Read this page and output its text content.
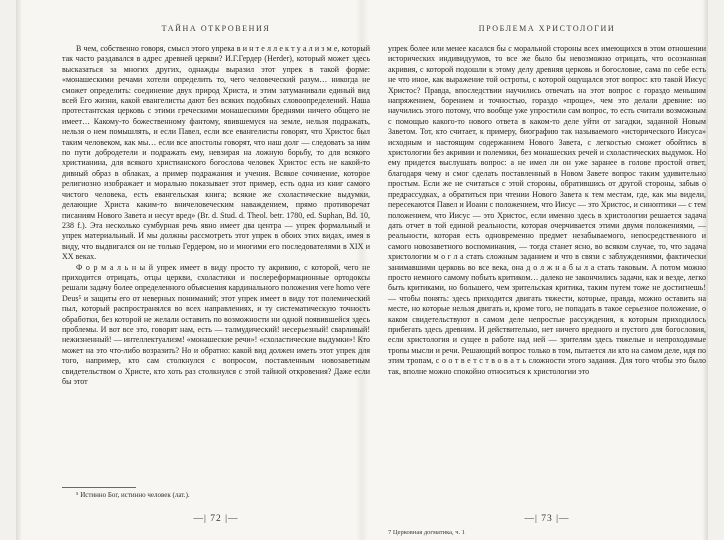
ТАЙНА ОТКРОВЕНИЯ

В чем, собственно говоря, смысл этого упрека в и н т е л л е к т у а л и з м е, который так часто раздавался в адрес древней церкви? И.Г.Гердер (Herder), который может здесь высказаться за многих других, однажды выразил этот упрек в такой форме: «монашескими речами хотели определить то, чего человеческий разум… никогда не сможет определить: соединение двух природ Христа, и этим затуманивали единый вид всей Его жизни, какой евангелисты дают без всяких подобных словоопределений. Наша протестантская церковь с этими греческими монашескими бреднями ничего общего не имеет… Какому-то божественному фантому, явившемуся на земле, нельзя подражать, нельзя о нем помышлять, и если Павел, если все евангелисты говорят, что Христос был таким человеком, как мы… если все апостолы говорят, что наш долг — следовать за ним по пути добродетели и подражать ему, невзирая на ложную борьбу, то для всякого христианина, для всякого христианского богослова человек Христос есть не какой-то дивный образ в облаках, а пример подражания и учения. Всякое сочинение, которое религиозно изображает и морально показывает этот пример, есть одна из книг самого чистого человека, есть евангельская книга; всякие же схоластические выдумки, делающие Христа каким-то вничеловеческим наваждением, прямо противоречат писаниям Нового Завета и несут вред» (Br. d. Stud. d. Theol. betr. 1780, ed. Suphan, Bd. 10, 238 f.). Эта несколько сумбурная речь явно имеет два центра — упрек формальный и упрек материальный. И мы должны рассмотреть этот упрек в обоих этих видах, имея в виду, что выдвигался он не только Гердером, но и многими его последователями в XIX и XX веках.

Ф о р м а л ь н ы й упрек имеет в виду просто ту акривию, с которой, чего не приходится отрицать, отцы церкви, схоластики и послереформационные ортодоксы решали задачу более определенного объяснения кардинального положения vere homo vere Deus⁵ и защиты его от неверных пониманий; этот упрек имеет в виду тот полемический пыл, который распространялся во всех направлениях, и ту систематическую точность обработки, без которой не желали оставить по возможности ни одной появившейся здесь проблемы. И вот все это, говорят нам, есть — талмудический! несерьезный! сварливый! нежизненный! — интеллектуализм! «монашеские речи»! «схоластические выдумки»! Кто может на это что-либо возразить? Но и обратно: какой вид должен иметь этот упрек для того, например, кто сам столкнулся с вопросом, поставленным новозаветным свидетельством о Христе, кто хоть раз столкнулся с этой тайной откровения? Даже если бы этот

⁵ Истинно Бог, истинно человек (лат.).
—| 72 |—
ПРОБЛЕМА ХРИСТОЛОГИИ

упрек более или менее касался бы с моральной стороны всех имеющихся в этом отношении исторических индивидуумов, то все же было бы невозможно отрицать, что осознанная акривия, с которой подошли к этому делу древняя церковь и богословие, сама по себе есть не что иное, как выражение той остроты, с которой ощущался этот вопрос: кто такой Иисус Христос? Правда, впоследствии научились отвечать на этот вопрос с гораздо меньшим напряжением, борением и точностью, гораздо «проще», чем это делали древние: но научились этого потому, что вообще уже упростили сам вопрос, то есть считали возможным с помощью какого-то нового ответа в каком-то деле уйти от загадки, заданной Новым Заветом. Тот, кто считает, к примеру, биографию так называемого «исторического Иисуса» исходным и настоящим содержанием Нового Завета, с легкостью сможет обойтись в христологии без акривии и полемики, без монашеских речей и схоластических выдумок. Но ему придется выслушать вопрос: а не имел ли он уже заранее в голове простой ответ, благодаря чему и смог сделать поставленный в Новом Завете вопрос таким удивительно простым. Если же не считаться с этой стороны, обратившись от другой стороны, забыв о предрассудках, а обратиться при чтении Нового Завета к тем местам, где, как мы видели, пересекаются Павел и Иоанн с положением, что Иисус — это Христос, и синоптики — с тем положением, что Иисус — это Христос, если именно здесь в христологии решается задача дать отчет в той единой реальности, которая очерчивается этими двумя положениями, — реальности, которая есть одновременно предмет незабываемого, непосредственного и самого новозаветного воспоминания, — тогда станет ясно, во всяком случае, то, что задача христологии м о г л а стать сложным заданием и что в связи с заблуждениями, фактически занимавшими церковь во все века, она д о л ж н а б ы л а стать таковым. А потом можно просто немного самому побыть критиком… далеко не закончились задачи, как и везде, легко быть критиками, но большего, чем зрительская критика, таким путем тоже не достигнешь! — чтобы понять: здесь приходится двигать тяжести, которые, правда, можно оставить на месте, но которые нельзя двигать и, кроме того, не попадать в такое серьезное положение, о каком свидетельствуют в самом деле непростые рассуждения, к которым приходилось прибегать здесь древним. И действительно, нет ничего вредного и пустого для богословия, если христология и сущее в работе над ней — зрителям здесь тяжелые и непроходимые тропы мысли и речи. Решающий вопрос только в том, пытается ли кто на самом деле, идя по этим тропам, с о о т в е т с т в о в а т ь сложности этого задания. Для того чтобы это было так, вполне можно спокойно относиться к христологии это

—| 73 |—
7 Церковная догматика, ч. 1
